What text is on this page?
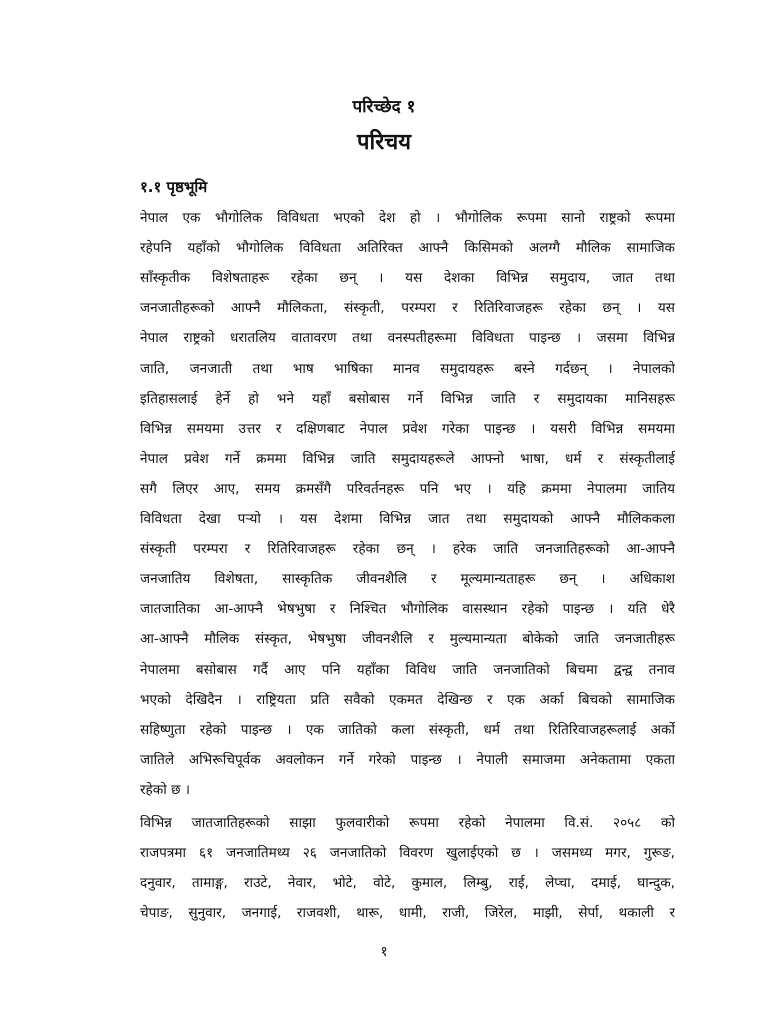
परिच्छेद १
परिचय
१.१ पृष्ठभूमि
नेपाल एक भौगोलिक विविधता भएको देश हो । भौगोलिक रूपमा सानो राष्ट्रको रूपमा
रहेपनि यहाँको भौगोलिक विविधता अतिरिक्त आफ्नै किसिमको अलग्गै मौलिक सामाजिक
साँस्कृतीक विशेषताहरू रहेका छन् । यस देशका विभिन्न समुदाय, जात तथा
जनजातीहरूको आफ्नै मौलिकता, संस्कृती, परम्परा र रितिरिवाजहरू रहेका छन् । यस
नेपाल राष्ट्रको धरातलिय वातावरण तथा वनस्पतीहरूमा विविधता पाइन्छ । जसमा विभिन्न
जाति, जनजाती तथा भाष भाषिका मानव समुदायहरू बस्ने गर्दछन् । नेपालको
इतिहासलाई हेर्ने हो भने यहाँ बसोबास गर्ने विभिन्न जाति र समुदायका मानिसहरू
विभिन्न समयमा उत्तर र दक्षिणबाट नेपाल प्रवेश गरेका पाइन्छ । यसरी विभिन्न समयमा
नेपाल प्रवेश गर्ने क्रममा विभिन्न जाति समुदायहरूले आफ्नो भाषा, धर्म र संस्कृतीलाई
सगै लिएर आए, समय क्रमसँगै परिवर्तनहरू पनि भए । यहि क्रममा नेपालमा जातिय
विविधता देखा पर्‍यो । यस देशमा विभिन्न जात तथा समुदायको आफ्नै मौलिककला
संस्कृती परम्परा र रितिरिवाजहरू रहेका छन् । हरेक जाति जनजातिहरूको आ-आफ्नै
जनजातिय विशेषता, सास्कृतिक जीवनशैलि र मूल्यमान्यताहरू छन् । अधिकाश
जातजातिका आ-आफ्नै भेषभुषा र निश्चित भौगोलिक वासस्थान रहेको पाइन्छ । यति धेरै
आ-आफ्नै मौलिक संस्कृत, भेषभुषा जीवनशैलि र मुल्यमान्यता बोकेको जाति जनजातीहरू
नेपालमा बसोबास गर्दै आए पनि यहाँका विविध जाति जनजातिको बिचमा द्वन्द्व तनाव
भएको देखिदैन । राष्ट्रियता प्रति सवैको एकमत देखिन्छ र एक अर्का बिचको सामाजिक
सहिष्णुता रहेको पाइन्छ । एक जातिको कला संस्कृती, धर्म तथा रितिरिवाजहरूलाई अर्को
जातिले अभिरूचिपूर्वक अवलोकन गर्ने गरेको पाइन्छ । नेपाली समाजमा अनेकतामा एकता
रहेको छ ।
विभिन्न जातजातिहरूको साझा फुलवारीको रूपमा रहेको नेपालमा वि.सं. २०५८ को
राजपत्रमा ६१ जनजातिमध्य २६ जनजातिको विवरण खुलाईएको छ । जसमध्य मगर, गुरूङ,
दनुवार, तामाङ्ग, राउटे, नेवार, भोटे, वोटे, कुमाल, लिम्बु, राई, लेप्चा, दमाई, घान्दुक,
चेपाङ, सुनुवार, जनगाई, राजवशी, थारू, धामी, राजी, जिरेल, माझी, सेर्पा, थकाली र
१
